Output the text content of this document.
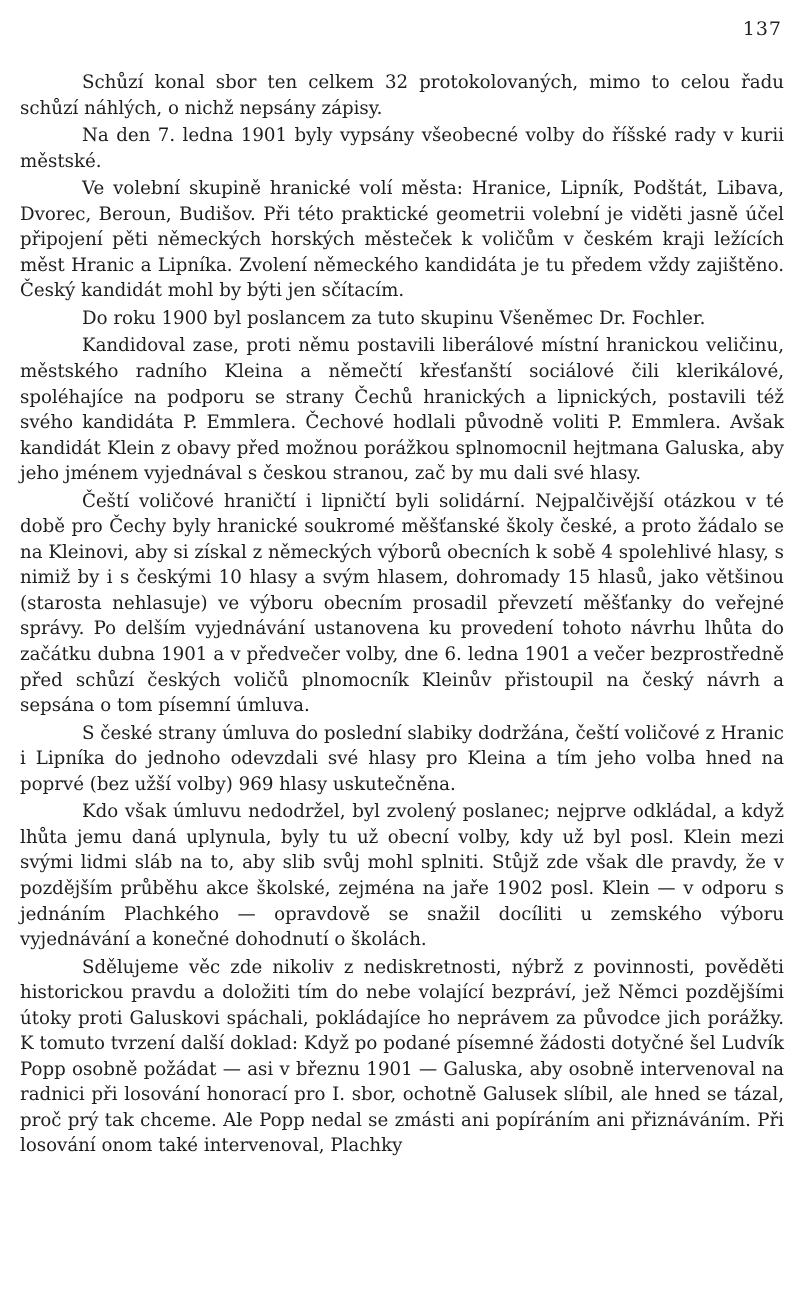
137

Schůzí konal sbor ten celkem 32 protokolovaných, mimo to celou řadu schůzí náhlých, o nichž nepsány zápisy.

Na den 7. ledna 1901 byly vypsány všeobecné volby do říšské rady v kurii městské.

Ve volební skupině hranické volí města: Hranice, Lipník, Podštát, Libava, Dvorec, Beroun, Budišov. Při této praktické geometrii volební je viděti jasně účel připojení pěti německých horských městeček k voličům v českém kraji ležících měst Hranic a Lipníka. Zvolení německého kandidáta je tu předem vždy zajištěno. Český kandidát mohl by býti jen sčítacím.

Do roku 1900 byl poslancem za tuto skupinu Všeněmec Dr. Fochler.

Kandidoval zase, proti němu postavili liberálové místní hranickou veličinu, městského radního Kleina a němečtí křesťanští sociálové čili klerikálové, spoléhajíce na podporu se strany Čechů hranických a lipnických, postavili též svého kandidáta P. Emmlera. Čechové hodlali původně voliti P. Emmlera. Avšak kandidát Klein z obavy před možnou porážkou splnomocnil hejtmana Galuska, aby jeho jménem vyjednával s českou stranou, zač by mu dali své hlasy.

Čeští voličové hraničtí i lipničtí byli solidární. Nejpalčivější otázkou v té době pro Čechy byly hranické soukromé měšťanské školy české, a proto žádalo se na Kleinovi, aby si získal z německých výborů obecních k sobě 4 spolehlivé hlasy, s nimiž by i s českými 10 hlasy a svým hlasem, dohromady 15 hlasů, jako většinou (starosta nehlasuje) ve výboru obecním prosadil převzetí měšťanky do veřejné správy. Po delším vyjednávání ustanovena ku provedení tohoto návrhu lhůta do začátku dubna 1901 a v předvečer volby, dne 6. ledna 1901 a večer bezprostředně před schůzí českých voličů plnomocník Kleinův přistoupil na český návrh a sepsána o tom písemní úmluva.

S české strany úmluva do poslední slabiky dodržána, čeští voličové z Hranic i Lipníka do jednoho odevzdali své hlasy pro Kleina a tím jeho volba hned na poprvé (bez užší volby) 969 hlasy uskutečněna.

Kdo však úmluvu nedodržel, byl zvolený poslanec; nejprve odkládal, a když lhůta jemu daná uplynula, byly tu už obecní volby, kdy už byl posl. Klein mezi svými lidmi sláb na to, aby slib svůj mohl splniti. Stůjž zde však dle pravdy, že v pozdějším průběhu akce školské, zejména na jaře 1902 posl. Klein — v odporu s jednáním Plachkého — opravdově se snažil docíliti u zemského výboru vyjednávání a konečné dohodnutí o školách.

Sdělujeme věc zde nikoliv z nediskretnosti, nýbrž z povinnosti, pověděti historickou pravdu a doložiti tím do nebe volající bezpráví, jež Němci pozdějšími útoky proti Galuskovi spáchali, pokládajíce ho neprávem za původce jich porážky. K tomuto tvrzení další doklad: Když po podané písemné žádosti dotyčné šel Ludvík Popp osobně požádat — asi v březnu 1901 — Galuska, aby osobně intervenoval na radnici při losování honorací pro I. sbor, ochotně Galusek slíbil, ale hned se tázal, proč prý tak chceme. Ale Popp nedal se zmásti ani popíráním ani přiznáváním. Při losování onom také intervenoval, Plachky
